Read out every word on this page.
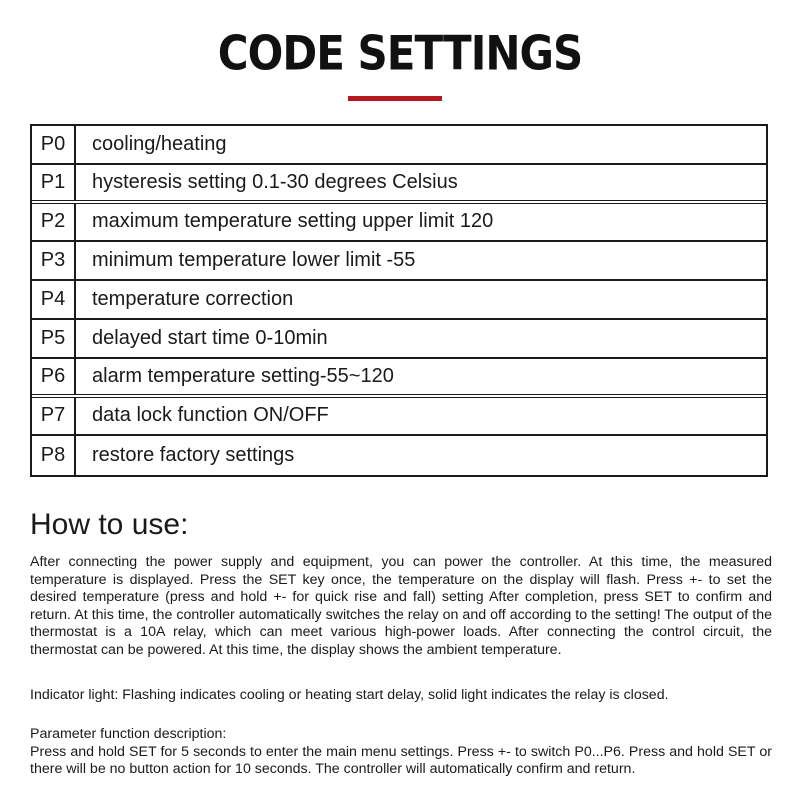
CODE SETTINGS
P0	cooling/heating
P1	hysteresis setting 0.1-30 degrees Celsius
P2	maximum temperature setting upper limit 120
P3	minimum temperature lower limit -55
P4	temperature correction
P5	delayed start time 0-10min
P6	alarm temperature setting-55~120
P7	data lock function ON/OFF
P8	restore factory settings
How to use:

After connecting the power supply and equipment, you can power the controller. At this time, the measured temperature is displayed. Press the SET key once, the temperature on the display will flash. Press +- to set the desired temperature (press and hold +- for quick rise and fall) setting After completion, press SET to confirm and return. At this time, the controller automatically switches the relay on and off according to the setting! The output of the thermostat is a 10A relay, which can meet various high-power loads. After connecting the control circuit, the thermostat can be powered. At this time, the display shows the ambient temperature.

Indicator light: Flashing indicates cooling or heating start delay, solid light indicates the relay is closed.

Parameter function description:
Press and hold SET for 5 seconds to enter the main menu settings. Press +- to switch P0...P6. Press and hold SET or there will be no button action for 10 seconds. The controller will automatically confirm and return.
